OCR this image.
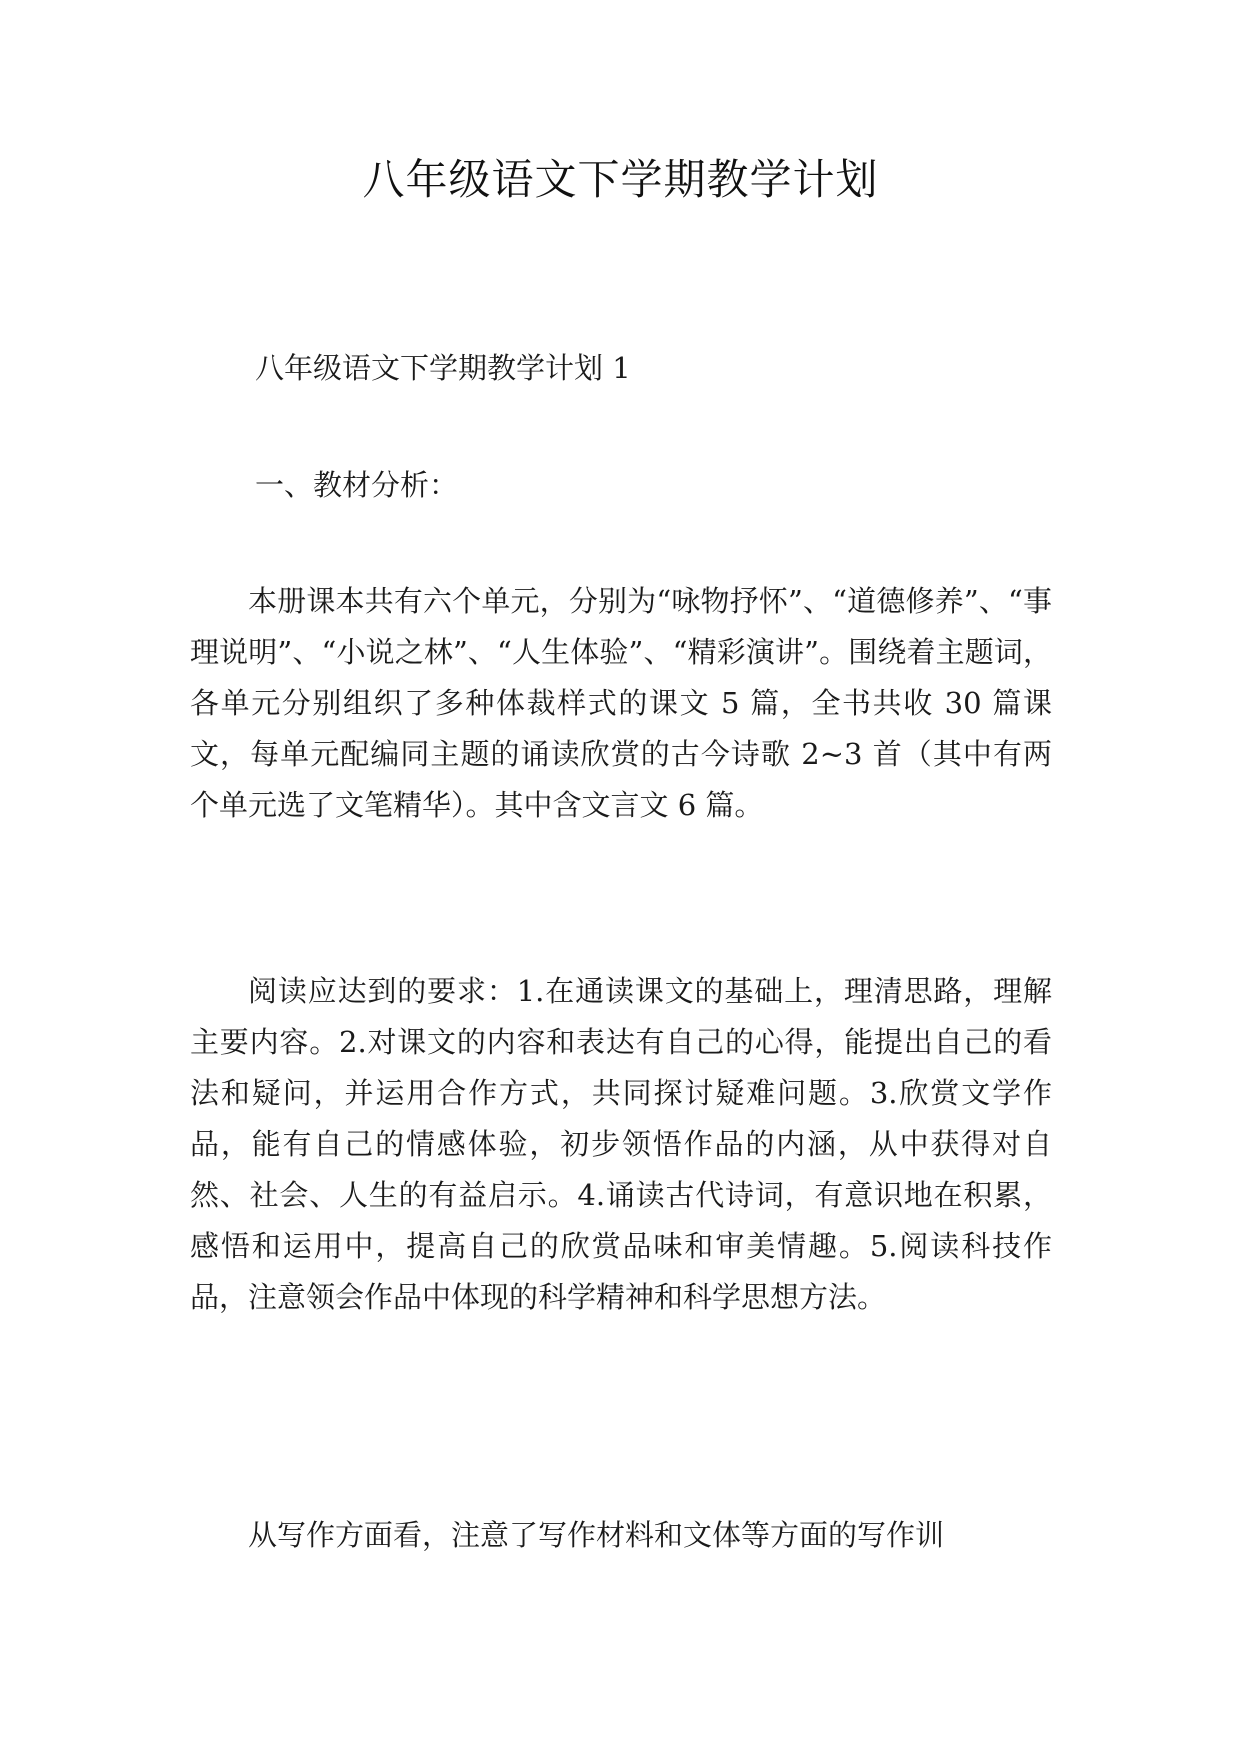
八年级语文下学期教学计划

八年级语文下学期教学计划 1

一、教材分析：

本册课本共有六个单元，分别为“咏物抒怀”、“道德修养”、“事理说明”、“小说之林”、“人生体验”、“精彩演讲”。围绕着主题词，各单元分别组织了多种体裁样式的课文 5 篇，全书共收 30 篇课文，每单元配编同主题的诵读欣赏的古今诗歌 2~3 首（其中有两个单元选了文笔精华）。其中含文言文 6 篇。

阅读应达到的要求：1.在通读课文的基础上，理清思路，理解主要内容。2.对课文的内容和表达有自己的心得，能提出自己的看法和疑问，并运用合作方式，共同探讨疑难问题。3.欣赏文学作品，能有自己的情感体验，初步领悟作品的内涵，从中获得对自然、社会、人生的有益启示。4.诵读古代诗词，有意识地在积累，感悟和运用中，提高自己的欣赏品味和审美情趣。5.阅读科技作品，注意领会作品中体现的科学精神和科学思想方法。

从写作方面看，注意了写作材料和文体等方面的写作训
